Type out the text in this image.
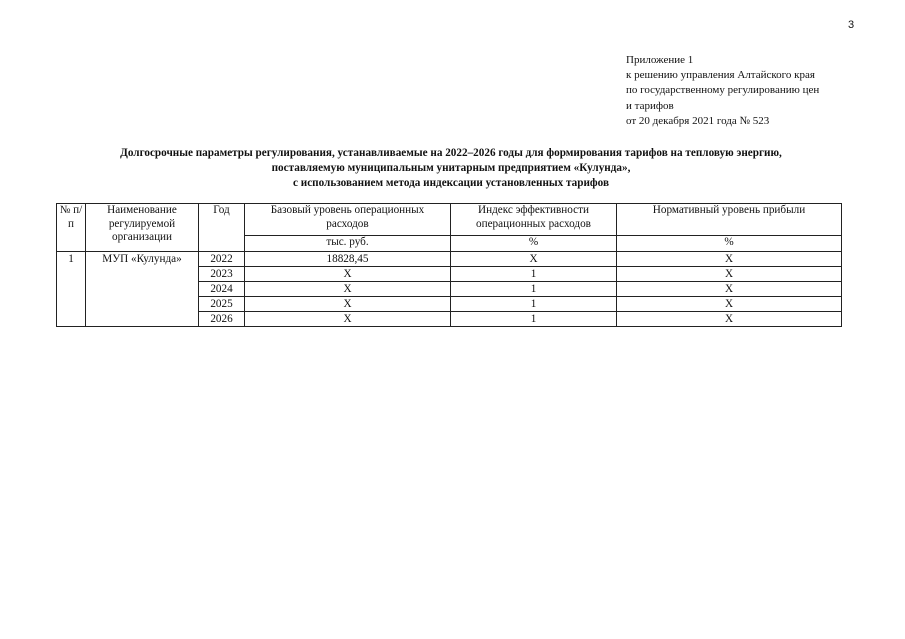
3
Приложение 1
к решению управления Алтайского края
по государственному регулированию цен
и тарифов
от 20 декабря 2021 года № 523
Долгосрочные параметры регулирования, устанавливаемые на 2022–2026 годы для формирования тарифов на тепловую энергию,
поставляемую муниципальным унитарным предприятием «Кулунда»,
с использованием метода индексации установленных тарифов
№ п/п	Наименование регулируемой организации	Год	Базовый уровень операционных расходов	Индекс эффективности операционных расходов	Нормативный уровень прибыли
			тыс. руб.	%	%
1	МУП «Кулунда»	2022	18828,45	Х	Х
		2023	Х	1	Х
		2024	Х	1	Х
		2025	Х	1	Х
		2026	Х	1	Х
